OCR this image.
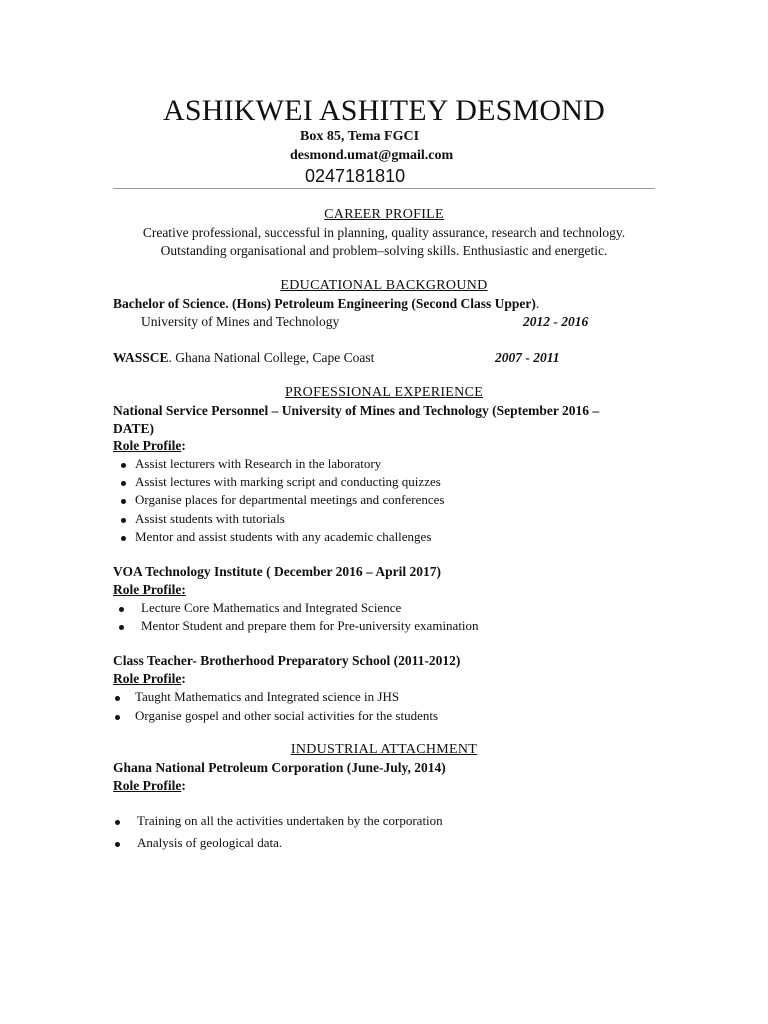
ASHIKWEI ASHITEY DESMOND
Box 85, Tema FGCI
desmond.umat@gmail.com
0247181810
CAREER PROFILE
Creative professional, successful in planning, quality assurance, research and technology.
Outstanding organisational and problem–solving skills. Enthusiastic and energetic.
EDUCATIONAL BACKGROUND
Bachelor of Science. (Hons) Petroleum Engineering (Second Class Upper).
University of Mines and Technology	2012 - 2016
WASSCE. Ghana National College, Cape Coast	2007 - 2011
PROFESSIONAL EXPERIENCE
National Service Personnel – University of Mines and Technology (September 2016 –
DATE)
Role Profile:
Assist lecturers with Research in the laboratory
Assist lectures with marking script and conducting quizzes
Organise places for departmental meetings and conferences
Assist students with tutorials
Mentor and assist students with any academic challenges
VOA Technology Institute ( December 2016 – April 2017)
Role Profile:
Lecture Core Mathematics and Integrated Science
Mentor Student and prepare them for Pre-university examination
Class Teacher- Brotherhood Preparatory School (2011-2012)
Role Profile:
Taught Mathematics and Integrated science in JHS
Organise gospel and other social activities for the students
INDUSTRIAL ATTACHMENT
Ghana National Petroleum Corporation (June-July, 2014)
Role Profile:
Training on all the activities undertaken by the corporation
Analysis of geological data.
